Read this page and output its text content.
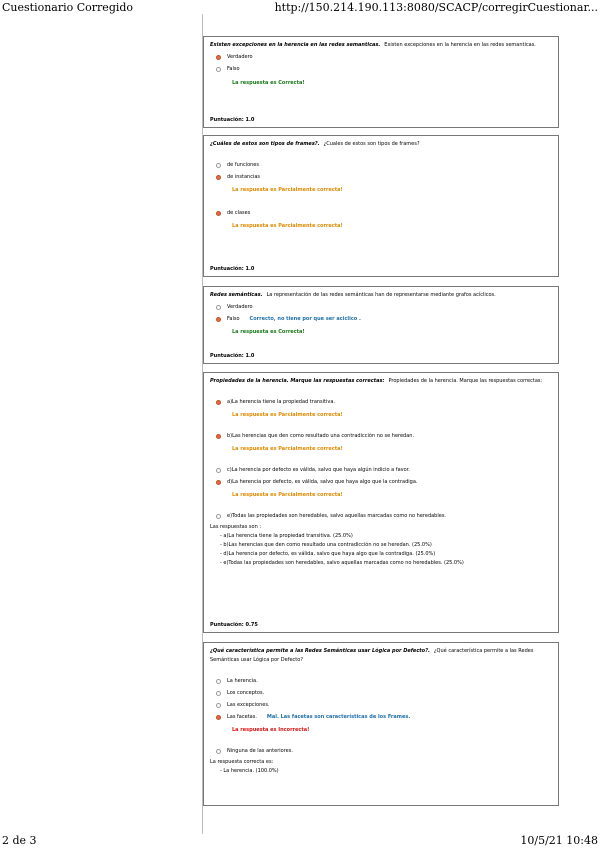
Cuestionario Corregido	http://150.214.190.113:8080/SCACP/corregirCuestionar...
Existen excepciones en la herencia en las redes semanticas. Existen excepciones en la herencia en las redes semanticas.
Verdadero
Falso
La respuesta es Correcta!
Puntuación: 1.0
¿Cuáles de estos son tipos de frames?. ¿Cuales de estos son tipos de frames?
de funciones
de instancias
La respuesta es Parcialmente correcta!
de clases
La respuesta es Parcialmente correcta!
Puntuación: 1.0
Redes semánticas. La representación de las redes semánticas han de representarse mediante grafos acíclicos.
Verdadero
Falso Correcto, no tiene por que ser aciclico .
La respuesta es Correcta!
Puntuación: 1.0
Propiedades de la herencia. Marque las respuestas correctas: Propiedades de la herencia. Marque las respuestas correctas:
a)La herencia tiene la propiedad transitiva.
La respuesta es Parcialmente correcta!
b)Las herencias que den como resultado una contradicción no se heredan.
La respuesta es Parcialmente correcta!
c)La herencia por defecto es válida, salvo que haya algún indicio a favor.
d)La herencia por defecto, es válida, salvo que haya algo que la contradiga.
La respuesta es Parcialmente correcta!
e)Todas las propiedades son heredables, salvo aquellas marcadas como no heredables.
Las respuestas son :
- a)La herencia tiene la propiedad transitiva. (25.0%)
- b)Las herencias que den como resultado una contradicción no se heredan. (25.0%)
- d)La herencia por defecto, es válida, salvo que haya algo que la contradiga. (25.0%)
- e)Todas las propiedades son heredables, salvo aquellas marcadas como no heredables. (25.0%)
Puntuación: 0.75
¿Qué característica permite a las Redes Semánticas usar Lógica por Defecto?. ¿Qué característica permite a las Redes Semánticas usar Lógica por Defecto?
La herencia.
Los conceptos.
Las excepciones.
Las facetas. Mal. Las facetas son características de los Frames.
La respuesta es Incorrecta!
Ninguna de las anteriores.
La respuesta correcta es:
- La herencia. (100.0%)
2 de 3	10/5/21 10:48
